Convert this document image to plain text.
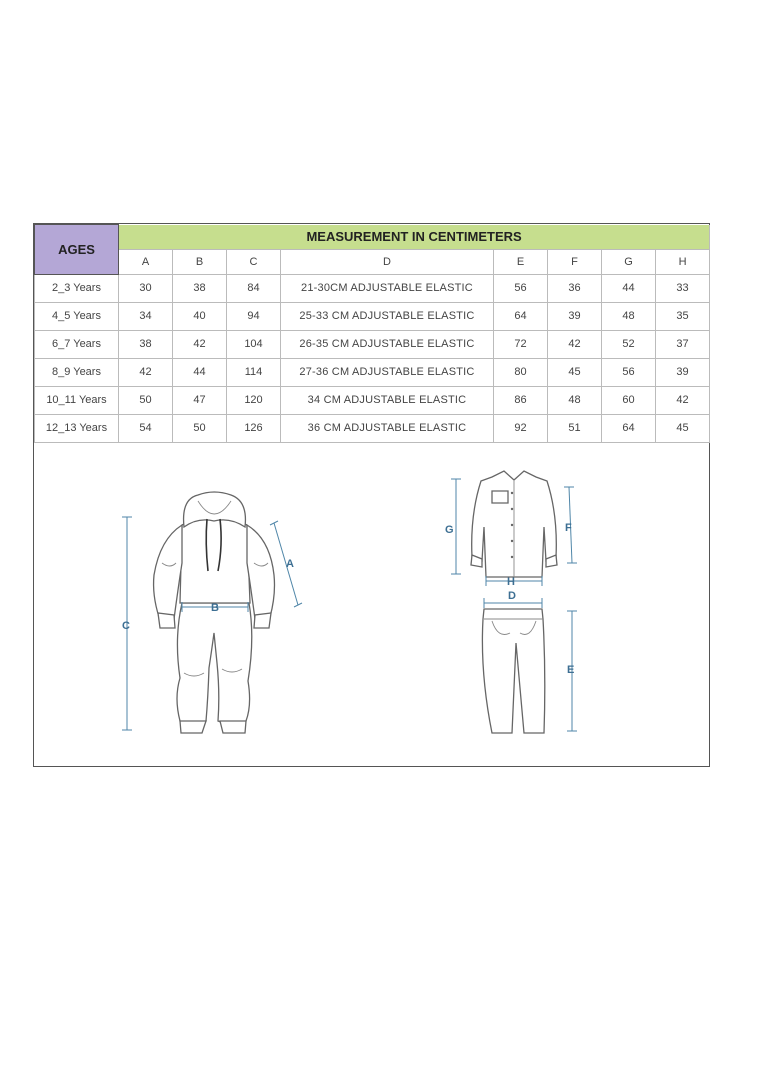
AGES	MEASUREMENT IN CENTIMETERS							
	A	B	C	D	E	F	G	H
2_3 Years	30	38	84	21-30CM ADJUSTABLE ELASTIC	56	36	44	33
4_5 Years	34	40	94	25-33 CM ADJUSTABLE ELASTIC	64	39	48	35
6_7 Years	38	42	104	26-35 CM ADJUSTABLE ELASTIC	72	42	52	37
8_9 Years	42	44	114	27-36 CM ADJUSTABLE ELASTIC	80	45	56	39
10_11 Years	50	47	120	34 CM ADJUSTABLE ELASTIC	86	48	60	42
12_13 Years	54	50	126	36 CM ADJUSTABLE ELASTIC	92	51	64	45
C
B
A
G	F
H
D
E
